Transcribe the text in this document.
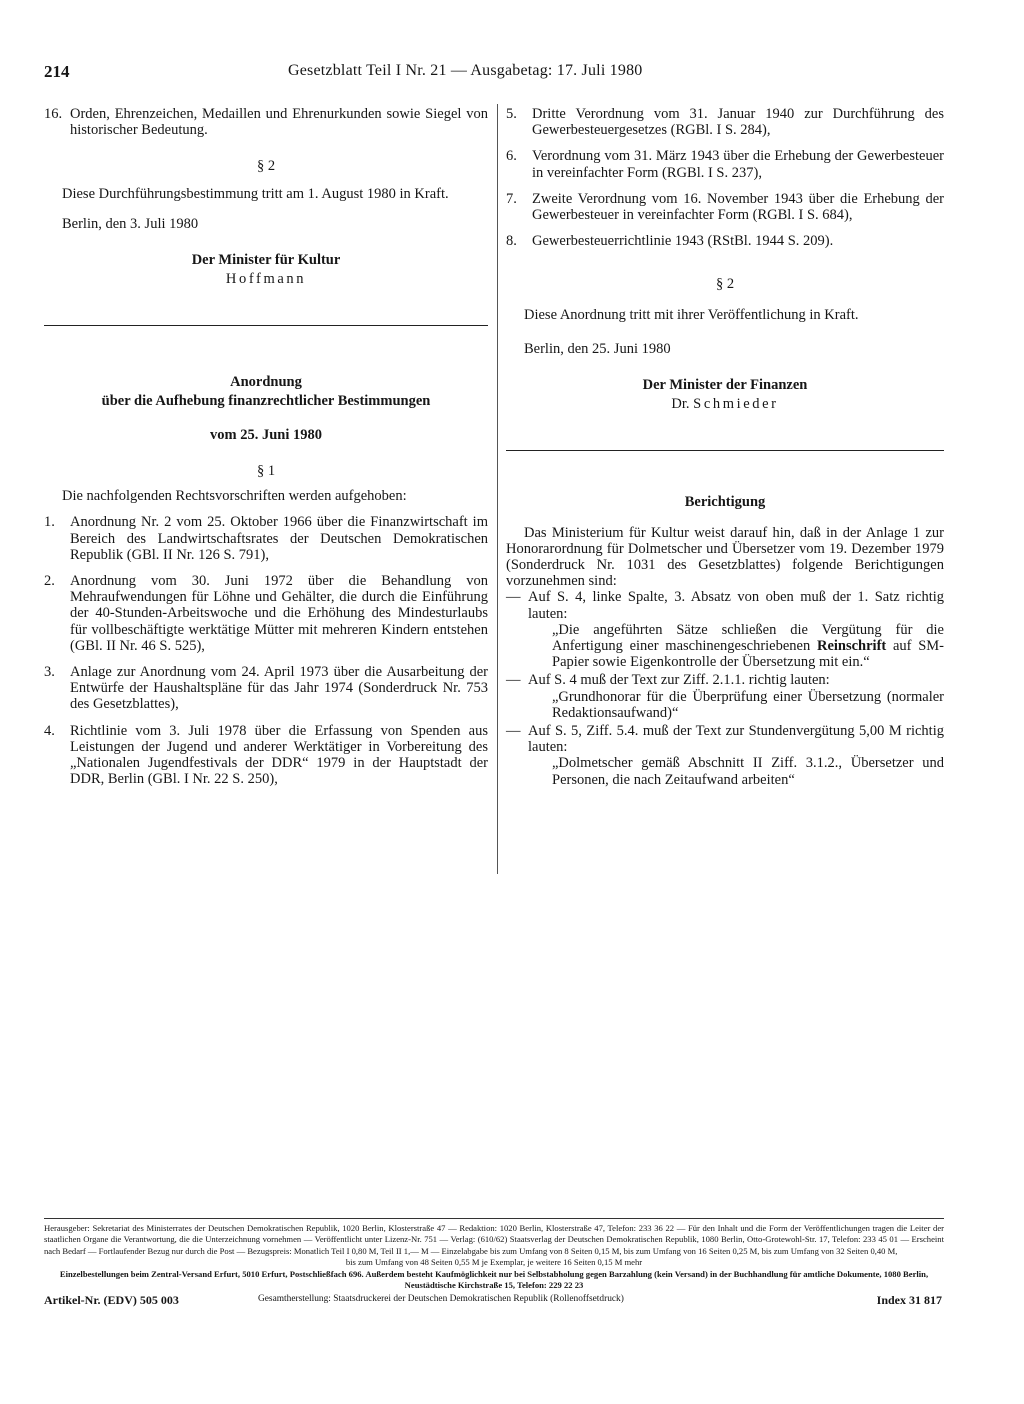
214	Gesetzblatt Teil I Nr. 21 — Ausgabetag: 17. Juli 1980
16. Orden, Ehrenzeichen, Medaillen und Ehrenurkunden sowie Siegel von historischer Bedeutung.
§ 2
Diese Durchführungsbestimmung tritt am 1. August 1980 in Kraft.
Berlin, den 3. Juli 1980
Der Minister für Kultur
Hoffmann
Anordnung
über die Aufhebung finanzrechtlicher Bestimmungen
vom 25. Juni 1980
§ 1
Die nachfolgenden Rechtsvorschriften werden aufgehoben:
1.	Anordnung Nr. 2 vom 25. Oktober 1966 über die Finanzwirtschaft im Bereich des Landwirtschaftsrates der Deutschen Demokratischen Republik (GBl. II Nr. 126 S. 791),
2.	Anordnung vom 30. Juni 1972 über die Behandlung von Mehraufwendungen für Löhne und Gehälter, die durch die Einführung der 40-Stunden-Arbeitswoche und die Erhöhung des Mindesturlaubs für vollbeschäftigte werktätige Mütter mit mehreren Kindern entstehen (GBl. II Nr. 46 S. 525),
3.	Anlage zur Anordnung vom 24. April 1973 über die Ausarbeitung der Entwürfe der Haushaltspläne für das Jahr 1974 (Sonderdruck Nr. 753 des Gesetzblattes),
4.	Richtlinie vom 3. Juli 1978 über die Erfassung von Spenden aus Leistungen der Jugend und anderer Werktätiger in Vorbereitung des „Nationalen Jugendfestivals der DDR“ 1979 in der Hauptstadt der DDR, Berlin (GBl. I Nr. 22 S. 250),
5.	Dritte Verordnung vom 31. Januar 1940 zur Durchführung des Gewerbesteuergesetzes (RGBl. I S. 284),
6.	Verordnung vom 31. März 1943 über die Erhebung der Gewerbesteuer in vereinfachter Form (RGBl. I S. 237),
7.	Zweite Verordnung vom 16. November 1943 über die Erhebung der Gewerbesteuer in vereinfachter Form (RGBl. I S. 684),
8.	Gewerbesteuerrichtlinie 1943 (RStBl. 1944 S. 209).
§ 2
Diese Anordnung tritt mit ihrer Veröffentlichung in Kraft.
Berlin, den 25. Juni 1980
Der Minister der Finanzen
Dr. Schmieder
Berichtigung
Das Ministerium für Kultur weist darauf hin, daß in der Anlage 1 zur Honorarordnung für Dolmetscher und Übersetzer vom 19. Dezember 1979 (Sonderdruck Nr. 1031 des Gesetzblattes) folgende Berichtigungen vorzunehmen sind:
— Auf S. 4, linke Spalte, 3. Absatz von oben muß der 1. Satz richtig lauten:
„Die angeführten Sätze schließen die Vergütung für die Anfertigung einer maschinengeschriebenen Reinschrift auf SM-Papier sowie Eigenkontrolle der Übersetzung mit ein.“
— Auf S. 4 muß der Text zur Ziff. 2.1.1. richtig lauten:
„Grundhonorar für die Überprüfung einer Übersetzung (normaler Redaktionsaufwand)“
— Auf S. 5, Ziff. 5.4. muß der Text zur Stundenvergütung 5,00 M richtig lauten:
„Dolmetscher gemäß Abschnitt II Ziff. 3.1.2., Übersetzer und Personen, die nach Zeitaufwand arbeiten“
Herausgeber: Sekretariat des Ministerrates der Deutschen Demokratischen Republik, 1020 Berlin, Klosterstraße 47 — Redaktion: 1020 Berlin, Klosterstraße 47, Telefon: 233 36 22 — Für den Inhalt und die Form der Veröffentlichungen tragen die Leiter der staatlichen Organe die Verantwortung, die die Unterzeichnung vornehmen — Veröffentlicht unter Lizenz-Nr. 751 — Verlag: (610/62) Staatsverlag der Deutschen Demokratischen Republik, 1080 Berlin, Otto-Grotewohl-Str. 17, Telefon: 233 45 01 — Erscheint nach Bedarf — Fortlaufender Bezug nur durch die Post — Bezugspreis: Monatlich Teil I 0,80 M, Teil II 1,— M — Einzelabgabe bis zum Umfang von 8 Seiten 0,15 M, bis zum Umfang von 16 Seiten 0,25 M, bis zum Umfang von 32 Seiten 0,40 M,
bis zum Umfang von 48 Seiten 0,55 M je Exemplar, je weitere 16 Seiten 0,15 M mehr
Einzelbestellungen beim Zentral-Versand Erfurt, 5010 Erfurt, Postschließfach 696. Außerdem besteht Kaufmöglichkeit nur bei Selbstabholung gegen Barzahlung (kein Versand) in der Buchhandlung für amtliche Dokumente, 1080 Berlin, Neustädtische Kirchstraße 15, Telefon: 229 22 23
Artikel-Nr. (EDV) 505 003	Gesamtherstellung: Staatsdruckerei der Deutschen Demokratischen Republik (Rollenoffsetdruck)	Index 31 817
